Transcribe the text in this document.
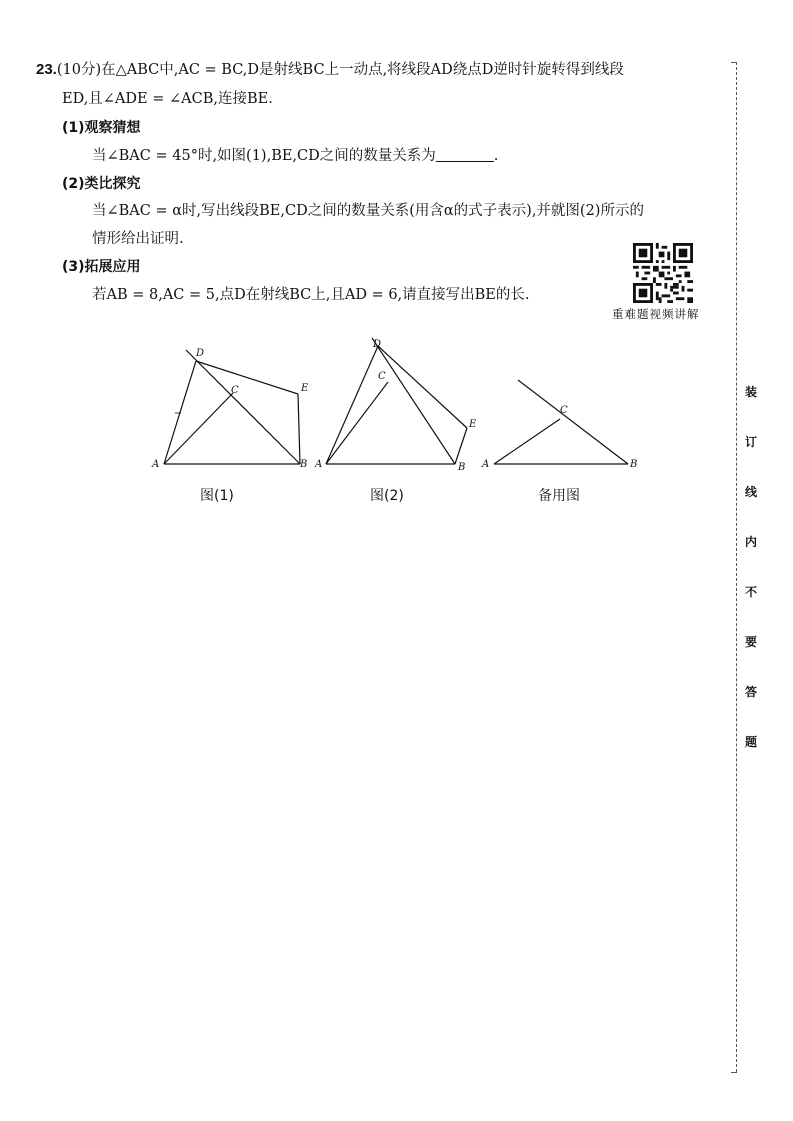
23.(10分)在△ABC中,AC = BC,D是射线BC上一动点,将线段AD绕点D逆时针旋转得到线段
ED,且∠ADE = ∠ACB,连接BE.
(1)观察猜想
当∠BAC = 45°时,如图(1),BE,CD之间的数量关系为	.
(2)类比探究
当∠BAC = α时,写出线段BE,CD之间的数量关系(用含α的式子表示),并就图(2)所示的
情形给出证明.
(3)拓展应用
若AB = 8,AC = 5,点D在射线BC上,且AD = 6,请直接写出BE的长.
重难题视频讲解
D
C	E
A	B
图(1)
D
C
E
A	B
图(2)
C
A	B
备用图
装
订
线
内
不
要
答
题
